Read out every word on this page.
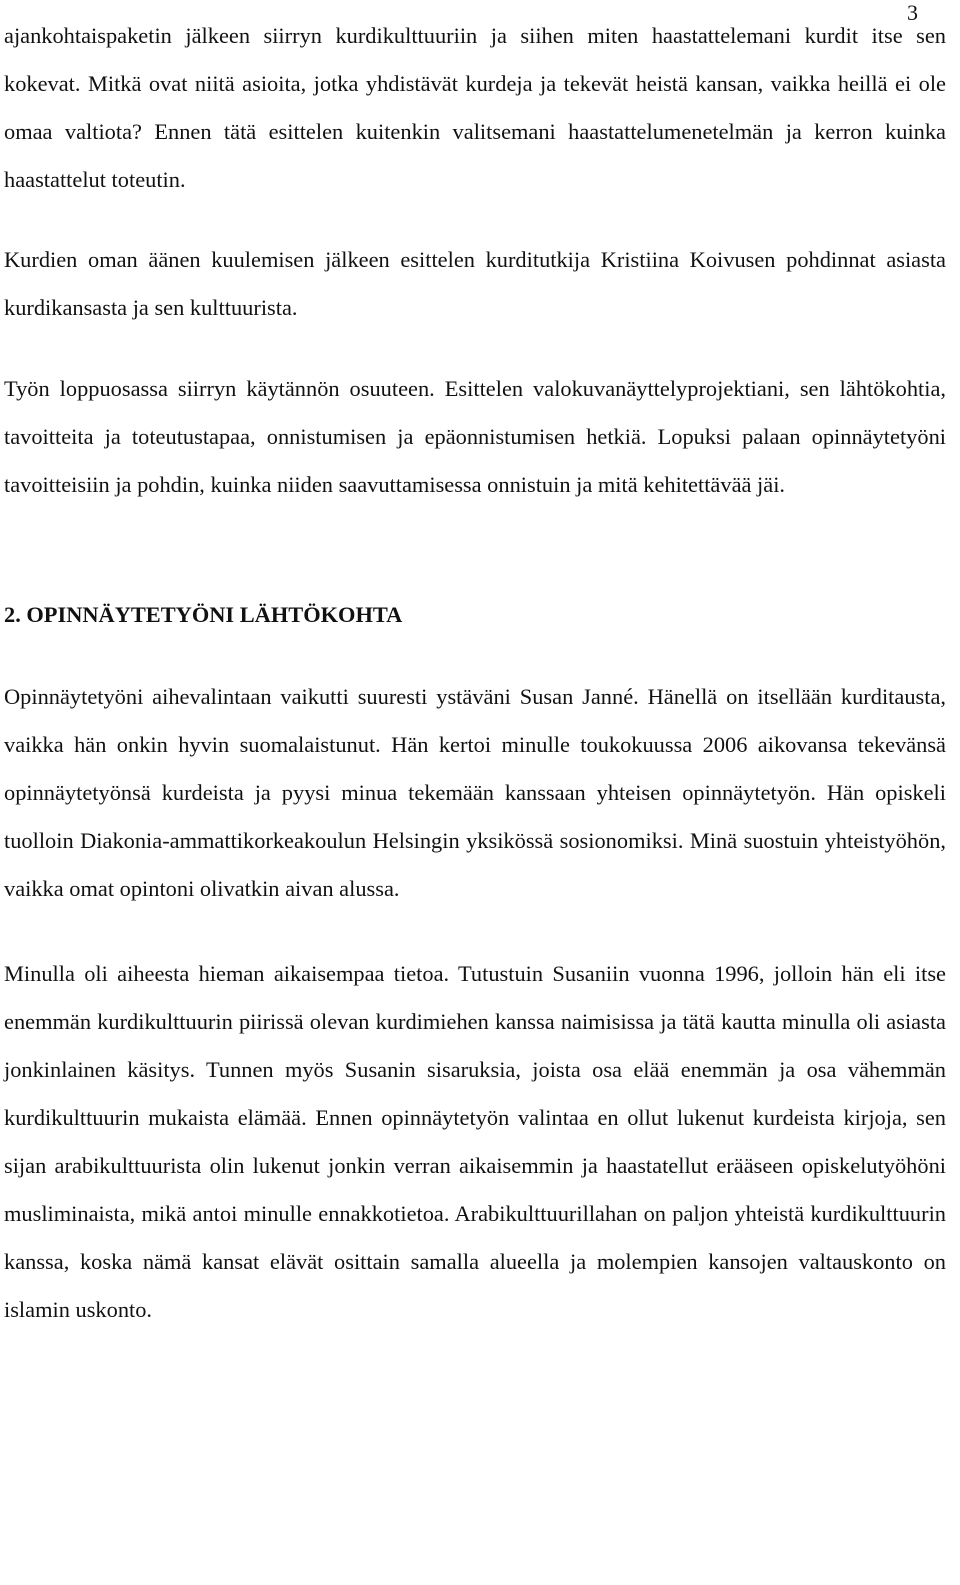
3

ajankohtaispaketin jälkeen siirryn kurdikulttuuriin ja siihen miten haastattelemani kurdit itse sen kokevat. Mitkä ovat niitä asioita, jotka yhdistävät kurdeja ja tekevät heistä kansan, vaikka heillä ei ole omaa valtiota? Ennen tätä esittelen kuitenkin valitsemani haastattelumenetelmän ja kerron kuinka haastattelut toteutin.

Kurdien oman äänen kuulemisen jälkeen esittelen kurditutkija Kristiina Koivusen pohdinnat asiasta kurdikansasta ja sen kulttuurista.

Työn loppuosassa siirryn käytännön osuuteen. Esittelen valokuvanäyttelyprojektiani, sen lähtökohtia, tavoitteita ja toteutustapaa, onnistumisen ja epäonnistumisen hetkiä. Lopuksi palaan opinnäytetyöni tavoitteisiin ja pohdin, kuinka niiden saavuttamisessa onnistuin ja mitä kehitettävää jäi.

2. OPINNÄYTETYÖNI LÄHTÖKOHTA

Opinnäytetyöni aihevalintaan vaikutti suuresti ystäväni Susan Janné. Hänellä on itsellään kurditausta, vaikka hän onkin hyvin suomalaistunut. Hän kertoi minulle toukokuussa 2006 aikovansa tekevänsä opinnäytetyönsä kurdeista ja pyysi minua tekemään kanssaan yhteisen opinnäytetyön. Hän opiskeli tuolloin Diakonia-ammattikorkeakoulun Helsingin yksikössä sosionomiksi. Minä suostuin yhteistyöhön, vaikka omat opintoni olivatkin aivan alussa.

Minulla oli aiheesta hieman aikaisempaa tietoa. Tutustuin Susaniin vuonna 1996, jolloin hän eli itse enemmän kurdikulttuurin piirissä olevan kurdimiehen kanssa naimisissa ja tätä kautta minulla oli asiasta jonkinlainen käsitys. Tunnen myös Susanin sisaruksia, joista osa elää enemmän ja osa vähemmän kurdikulttuurin mukaista elämää. Ennen opinnäytetyön valintaa en ollut lukenut kurdeista kirjoja, sen sijan arabikulttuurista olin lukenut jonkin verran aikaisemmin ja haastatellut erääseen opiskelutyöhöni musliminaista, mikä antoi minulle ennakkotietoa. Arabikulttuurillahan on paljon yhteistä kurdikulttuurin kanssa, koska nämä kansat elävät osittain samalla alueella ja molempien kansojen valtauskonto on islamin uskonto.
